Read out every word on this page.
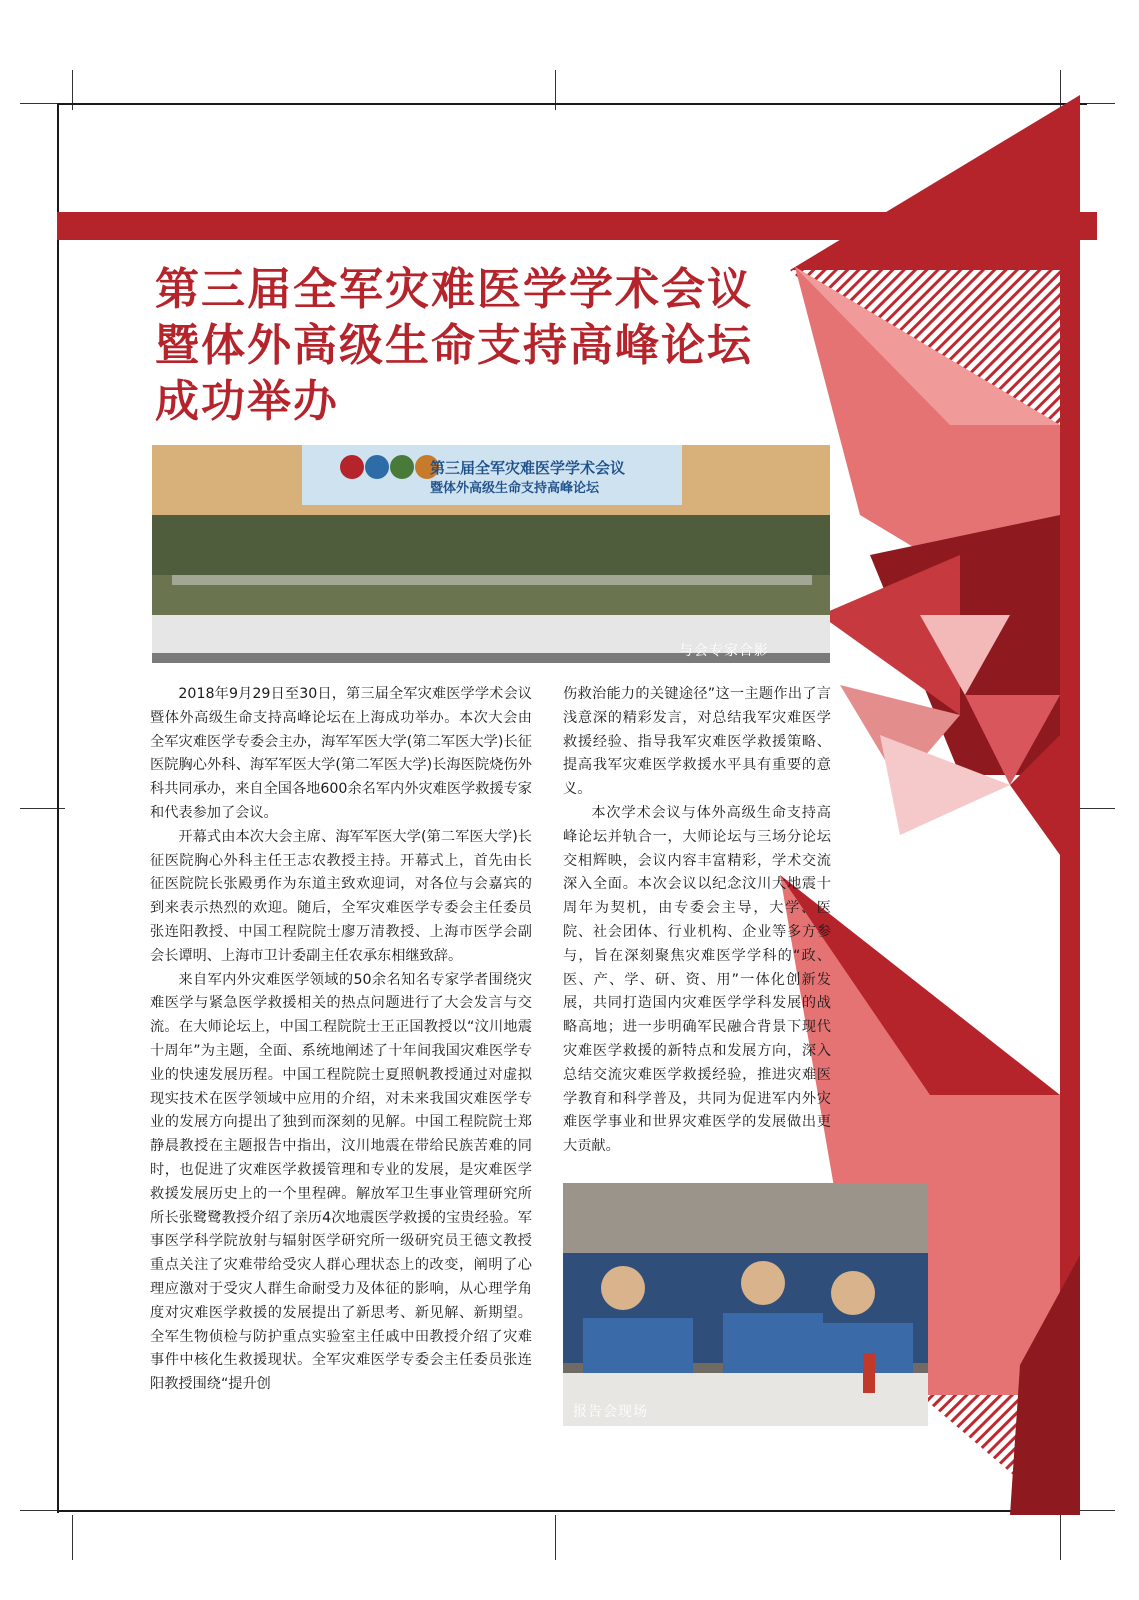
第三届全军灾难医学学术会议
暨体外高级生命支持高峰论坛
成功举办
第三届全军灾难医学学术会议
暨体外高级生命支持高峰论坛
与会专家合影

2018年9月29日至30日，第三届全军灾难医学学术会议暨体外高级生命支持高峰论坛在上海成功举办。本次大会由全军灾难医学专委会主办，海军军医大学(第二军医大学)长征医院胸心外科、海军军医大学(第二军医大学)长海医院烧伤外科共同承办，来自全国各地600余名军内外灾难医学救援专家和代表参加了会议。

开幕式由本次大会主席、海军军医大学(第二军医大学)长征医院胸心外科主任王志农教授主持。开幕式上，首先由长征医院院长张殿勇作为东道主致欢迎词，对各位与会嘉宾的到来表示热烈的欢迎。随后，全军灾难医学专委会主任委员张连阳教授、中国工程院院士廖万清教授、上海市医学会副会长谭明、上海市卫计委副主任农承东相继致辞。

来自军内外灾难医学领域的50余名知名专家学者围绕灾难医学与紧急医学救援相关的热点问题进行了大会发言与交流。在大师论坛上，中国工程院院士王正国教授以“汶川地震十周年”为主题，全面、系统地阐述了十年间我国灾难医学专业的快速发展历程。中国工程院院士夏照帆教授通过对虚拟现实技术在医学领域中应用的介绍，对未来我国灾难医学专业的发展方向提出了独到而深刻的见解。中国工程院院士郑静晨教授在主题报告中指出，汶川地震在带给民族苦难的同时，也促进了灾难医学救援管理和专业的发展，是灾难医学救援发展历史上的一个里程碑。解放军卫生事业管理研究所所长张鹭鹭教授介绍了亲历4次地震医学救援的宝贵经验。军事医学科学院放射与辐射医学研究所一级研究员王德文教授重点关注了灾难带给受灾人群心理状态上的改变，阐明了心理应激对于受灾人群生命耐受力及体征的影响，从心理学角度对灾难医学救援的发展提出了新思考、新见解、新期望。全军生物侦检与防护重点实验室主任戚中田教授介绍了灾难事件中核化生救援现状。全军灾难医学专委会主任委员张连阳教授围绕“提升创

伤救治能力的关键途径”这一主题作出了言浅意深的精彩发言，对总结我军灾难医学救援经验、指导我军灾难医学救援策略、提高我军灾难医学救援水平具有重要的意义。

本次学术会议与体外高级生命支持高峰论坛并轨合一，大师论坛与三场分论坛交相辉映，会议内容丰富精彩，学术交流深入全面。本次会议以纪念汶川大地震十周年为契机，由专委会主导，大学、医院、社会团体、行业机构、企业等多方参与，旨在深刻聚焦灾难医学学科的“政、医、产、学、研、资、用”一体化创新发展，共同打造国内灾难医学学科发展的战略高地；进一步明确军民融合背景下现代灾难医学救援的新特点和发展方向，深入总结交流灾难医学救援经验，推进灾难医学教育和科学普及，共同为促进军内外灾难医学事业和世界灾难医学的发展做出更大贡献。

报告会现场
